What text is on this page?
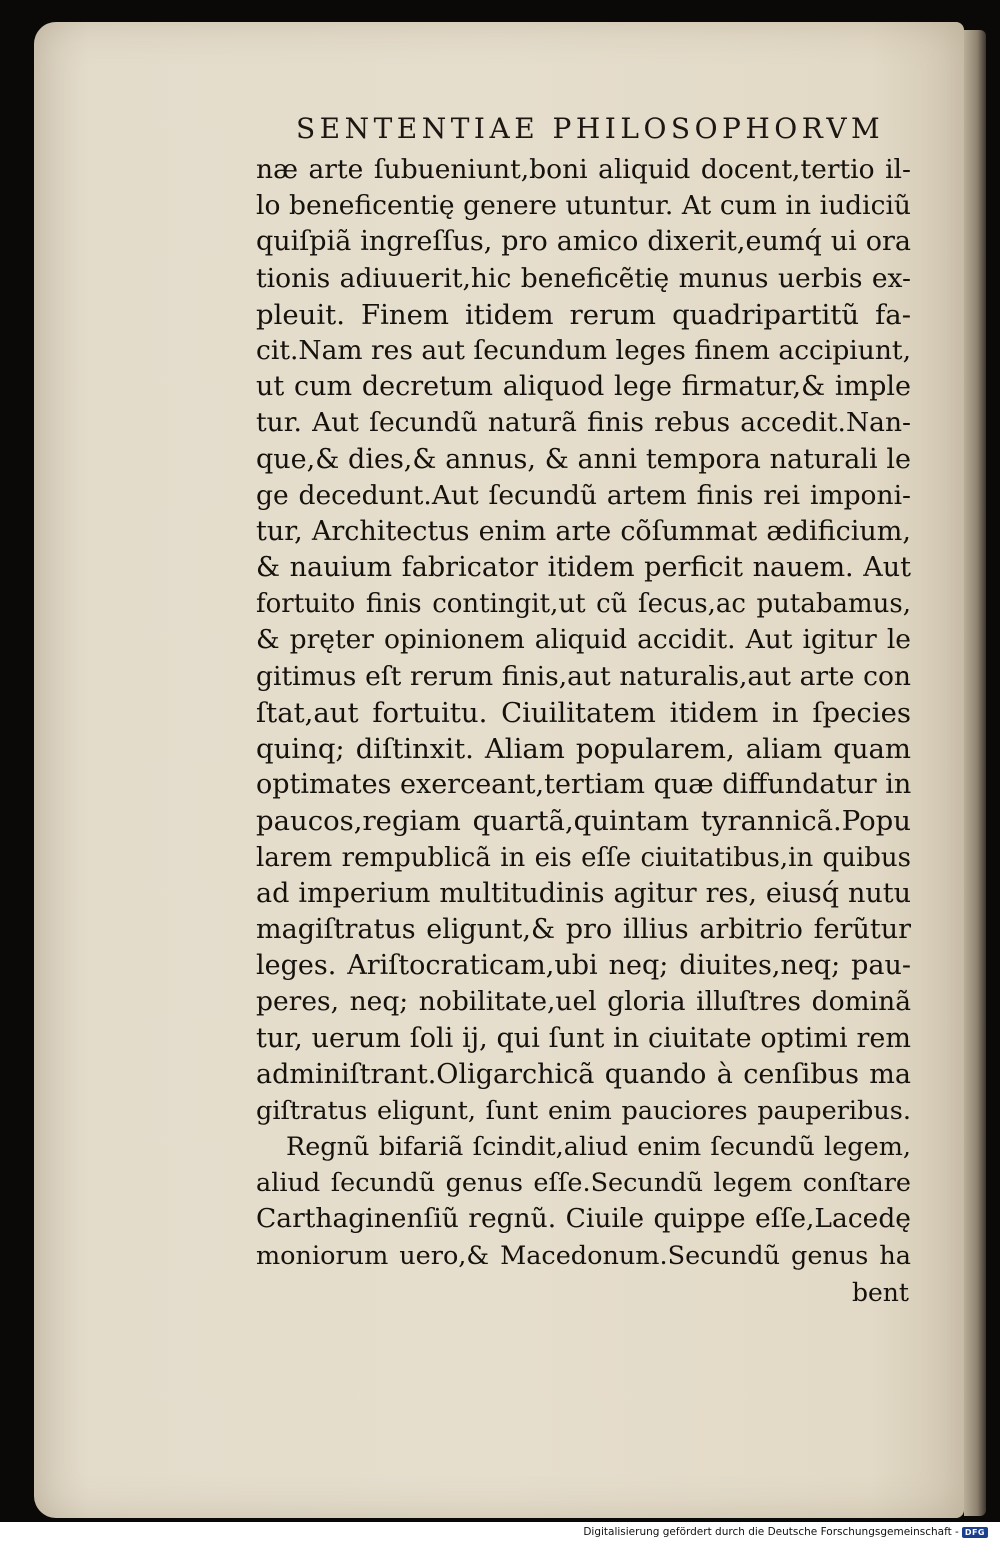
SENTENTIAE PHILOSOPHORVM
næ arte ſubueniunt,boni aliquid docent,tertio il-
lo beneficentię genere utuntur. At cum in iudiciũ
quiſpiã ingreſſus, pro amico dixerit,eumq́ ui ora
tionis adiuuerit,hic beneficẽtię munus uerbis ex-
pleuit. Finem itidem rerum quadripartitũ fa-
cit.Nam res aut ſecundum leges finem accipiunt,
ut cum decretum aliquod lege firmatur,& imple
tur. Aut ſecundũ naturã finis rebus accedit.Nan-
que,& dies,& annus, & anni tempora naturali le
ge decedunt.Aut ſecundũ artem finis rei imponi-
tur, Architectus enim arte cõſummat ædificium,
& nauium fabricator itidem perficit nauem. Aut
fortuito finis contingit,ut cũ ſecus,ac putabamus,
& pręter opinionem aliquid accidit. Aut igitur le
gitimus eſt rerum finis,aut naturalis,aut arte con
ſtat,aut fortuitu. Ciuilitatem itidem in ſpecies
quinq; diſtinxit. Aliam popularem, aliam quam
optimates exerceant,tertiam quæ diffundatur in
paucos,regiam quartã,quintam tyrannicã.Popu
larem rempublicã in eis eſſe ciuitatibus,in quibus
ad imperium multitudinis agitur res, eiusq́ nutu
magiſtratus eligunt,& pro illius arbitrio ferũtur
leges. Ariſtocraticam,ubi neq; diuites,neq; pau-
peres, neq; nobilitate,uel gloria illuſtres dominã
tur, uerum ſoli ij, qui ſunt in ciuitate optimi rem
adminiſtrant.Oligarchicã quando à cenſibus ma
giſtratus eligunt, ſunt enim pauciores pauperibus.
Regnũ bifariã ſcindit,aliud enim ſecundũ legem,
aliud ſecundũ genus eſſe.Secundũ legem conſtare
Carthaginenſiũ regnũ. Ciuile quippe eſſe,Lacedę
moniorum uero,& Macedonum.Secundũ genus ha
bent
Digitalisierung gefördert durch die Deutsche Forschungsgemeinschaft - DFG
